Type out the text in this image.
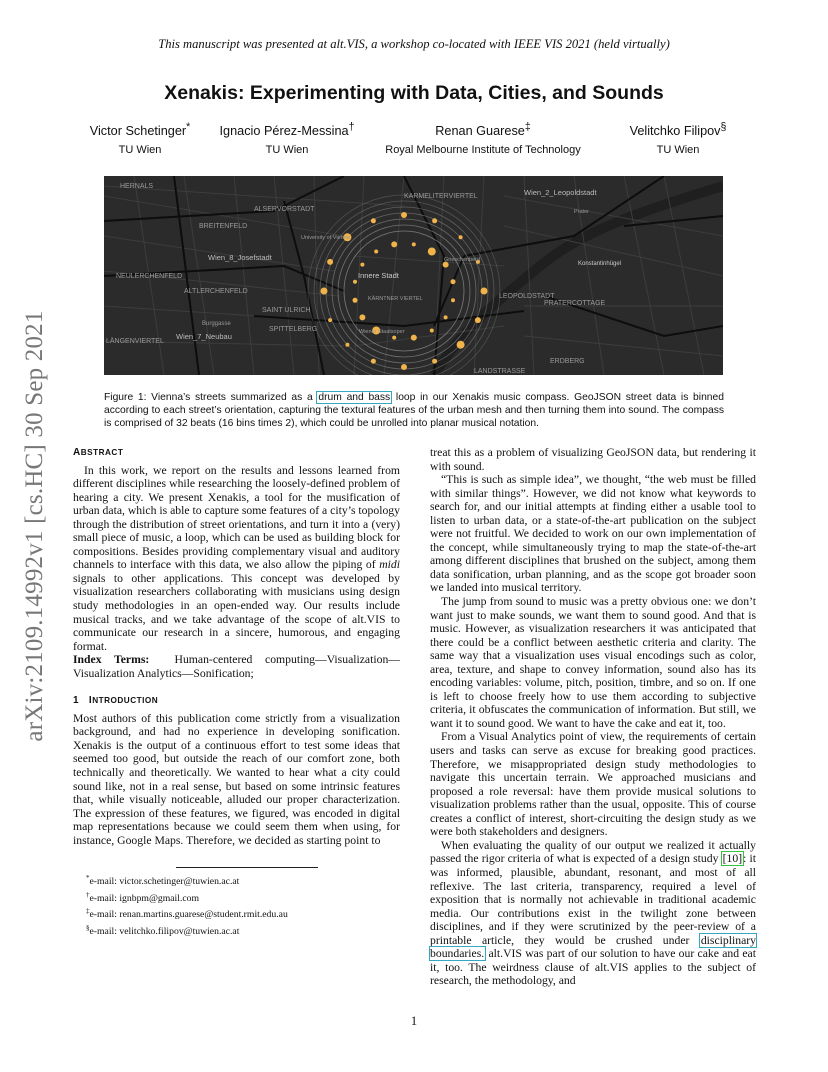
This manuscript was presented at alt.VIS, a workshop co-located with IEEE VIS 2021 (held virtually)
Xenakis: Experimenting with Data, Cities, and Sounds
Victor Schetinger*
TU Wien
Ignacio Pérez-Messina†
TU Wien
Renan Guarese‡
Royal Melbourne Institute of Technology
Velitchko Filipov§
TU Wien
arXiv:2109.14992v1 [cs.HC] 30 Sep 2021
HERNALS
ALSERVORSTADT
BREITENFELD
University of Vienna
Wien_8_Josefstadt
NEULERCHENFELD
ALTLERCHENFELD
Innere Stadt
KÄRNTNER VIERTEL
SAINT ULRICH
SPITTELBERG
Wien_7_Neubau
LEOPOLDSTADT
Wien_2_Leopoldstadt
Konstantinhügel
PRATERCOTTAGE
ERDBERG
LANDSTRASSE
Burggasse
LÄNGENVIERTEL
KARMELITERVIERTEL
Grieschenbeisl
Prater
Wiener Staatsoper
Figure 1: Vienna’s streets summarized as a drum and bass loop in our Xenakis music compass. GeoJSON street data is binned according to each street’s orientation, capturing the textural features of the urban mesh and then turning them into sound. The compass is comprised of 32 beats (16 bins times 2), which could be unrolled into planar musical notation.
ABSTRACT

In this work, we report on the results and lessons learned from different disciplines while researching the loosely-defined problem of hearing a city. We present Xenakis, a tool for the musification of urban data, which is able to capture some features of a city’s topology through the distribution of street orientations, and turn it into a (very) small piece of music, a loop, which can be used as building block for compositions. Besides providing complementary visual and auditory channels to interface with this data, we also allow the piping of midi signals to other applications. This concept was developed by visualization researchers collaborating with musicians using design study methodologies in an open-ended way. Our results include musical tracks, and we take advantage of the scope of alt.VIS to communicate our research in a sincere, humorous, and engaging format.

Index Terms: Human-centered computing—Visualization—Visualization Analytics—Sonification;

1 INTRODUCTION

Most authors of this publication come strictly from a visualization background, and had no experience in developing sonification. Xenakis is the output of a continuous effort to test some ideas that seemed too good, but outside the reach of our comfort zone, both technically and theoretically. We wanted to hear what a city could sound like, not in a real sense, but based on some intrinsic features that, while visually noticeable, alluded our proper characterization. The expression of these features, we figured, was encoded in digital map representations because we could seem them when using, for instance, Google Maps. Therefore, we decided as starting point to

treat this as a problem of visualizing GeoJSON data, but rendering it with sound.

“This is such as simple idea”, we thought, “the web must be filled with similar things”. However, we did not know what keywords to search for, and our initial attempts at finding either a usable tool to listen to urban data, or a state-of-the-art publication on the subject were not fruitful. We decided to work on our own implementation of the concept, while simultaneously trying to map the state-of-the-art among different disciplines that brushed on the subject, among them data sonification, urban planning, and as the scope got broader soon we landed into musical territory.

The jump from sound to music was a pretty obvious one: we don’t want just to make sounds, we want them to sound good. And that is music. However, as visualization researchers it was anticipated that there could be a conflict between aesthetic criteria and clarity. The same way that a visualization uses visual encodings such as color, area, texture, and shape to convey information, sound also has its encoding variables: volume, pitch, position, timbre, and so on. If one is left to choose freely how to use them according to subjective criteria, it obfuscates the communication of information. But still, we want it to sound good. We want to have the cake and eat it, too.

From a Visual Analytics point of view, the requirements of certain users and tasks can serve as excuse for breaking good practices. Therefore, we misappropriated design study methodologies to navigate this uncertain terrain. We approached musicians and proposed a role reversal: have them provide musical solutions to visualization problems rather than the usual, opposite. This of course creates a conflict of interest, short-circuiting the design study as we were both stakeholders and designers.

When evaluating the quality of our output we realized it actually passed the rigor criteria of what is expected of a design study [10]: it was informed, plausible, abundant, resonant, and most of all reflexive. The last criteria, transparency, required a level of exposition that is normally not achievable in traditional academic media. Our contributions exist in the twilight zone between disciplines, and if they were scrutinized by the peer-review of a printable article, they would be crushed under disciplinary boundaries. alt.VIS was part of our solution to have our cake and eat it, too. The weirdness clause of alt.VIS applies to the subject of research, the methodology, and

*e-mail: victor.schetinger@tuwien.ac.at
†e-mail: ignbpm@gmail.com
‡e-mail: renan.martins.guarese@student.rmit.edu.au
§e-mail: velitchko.filipov@tuwien.ac.at
1
